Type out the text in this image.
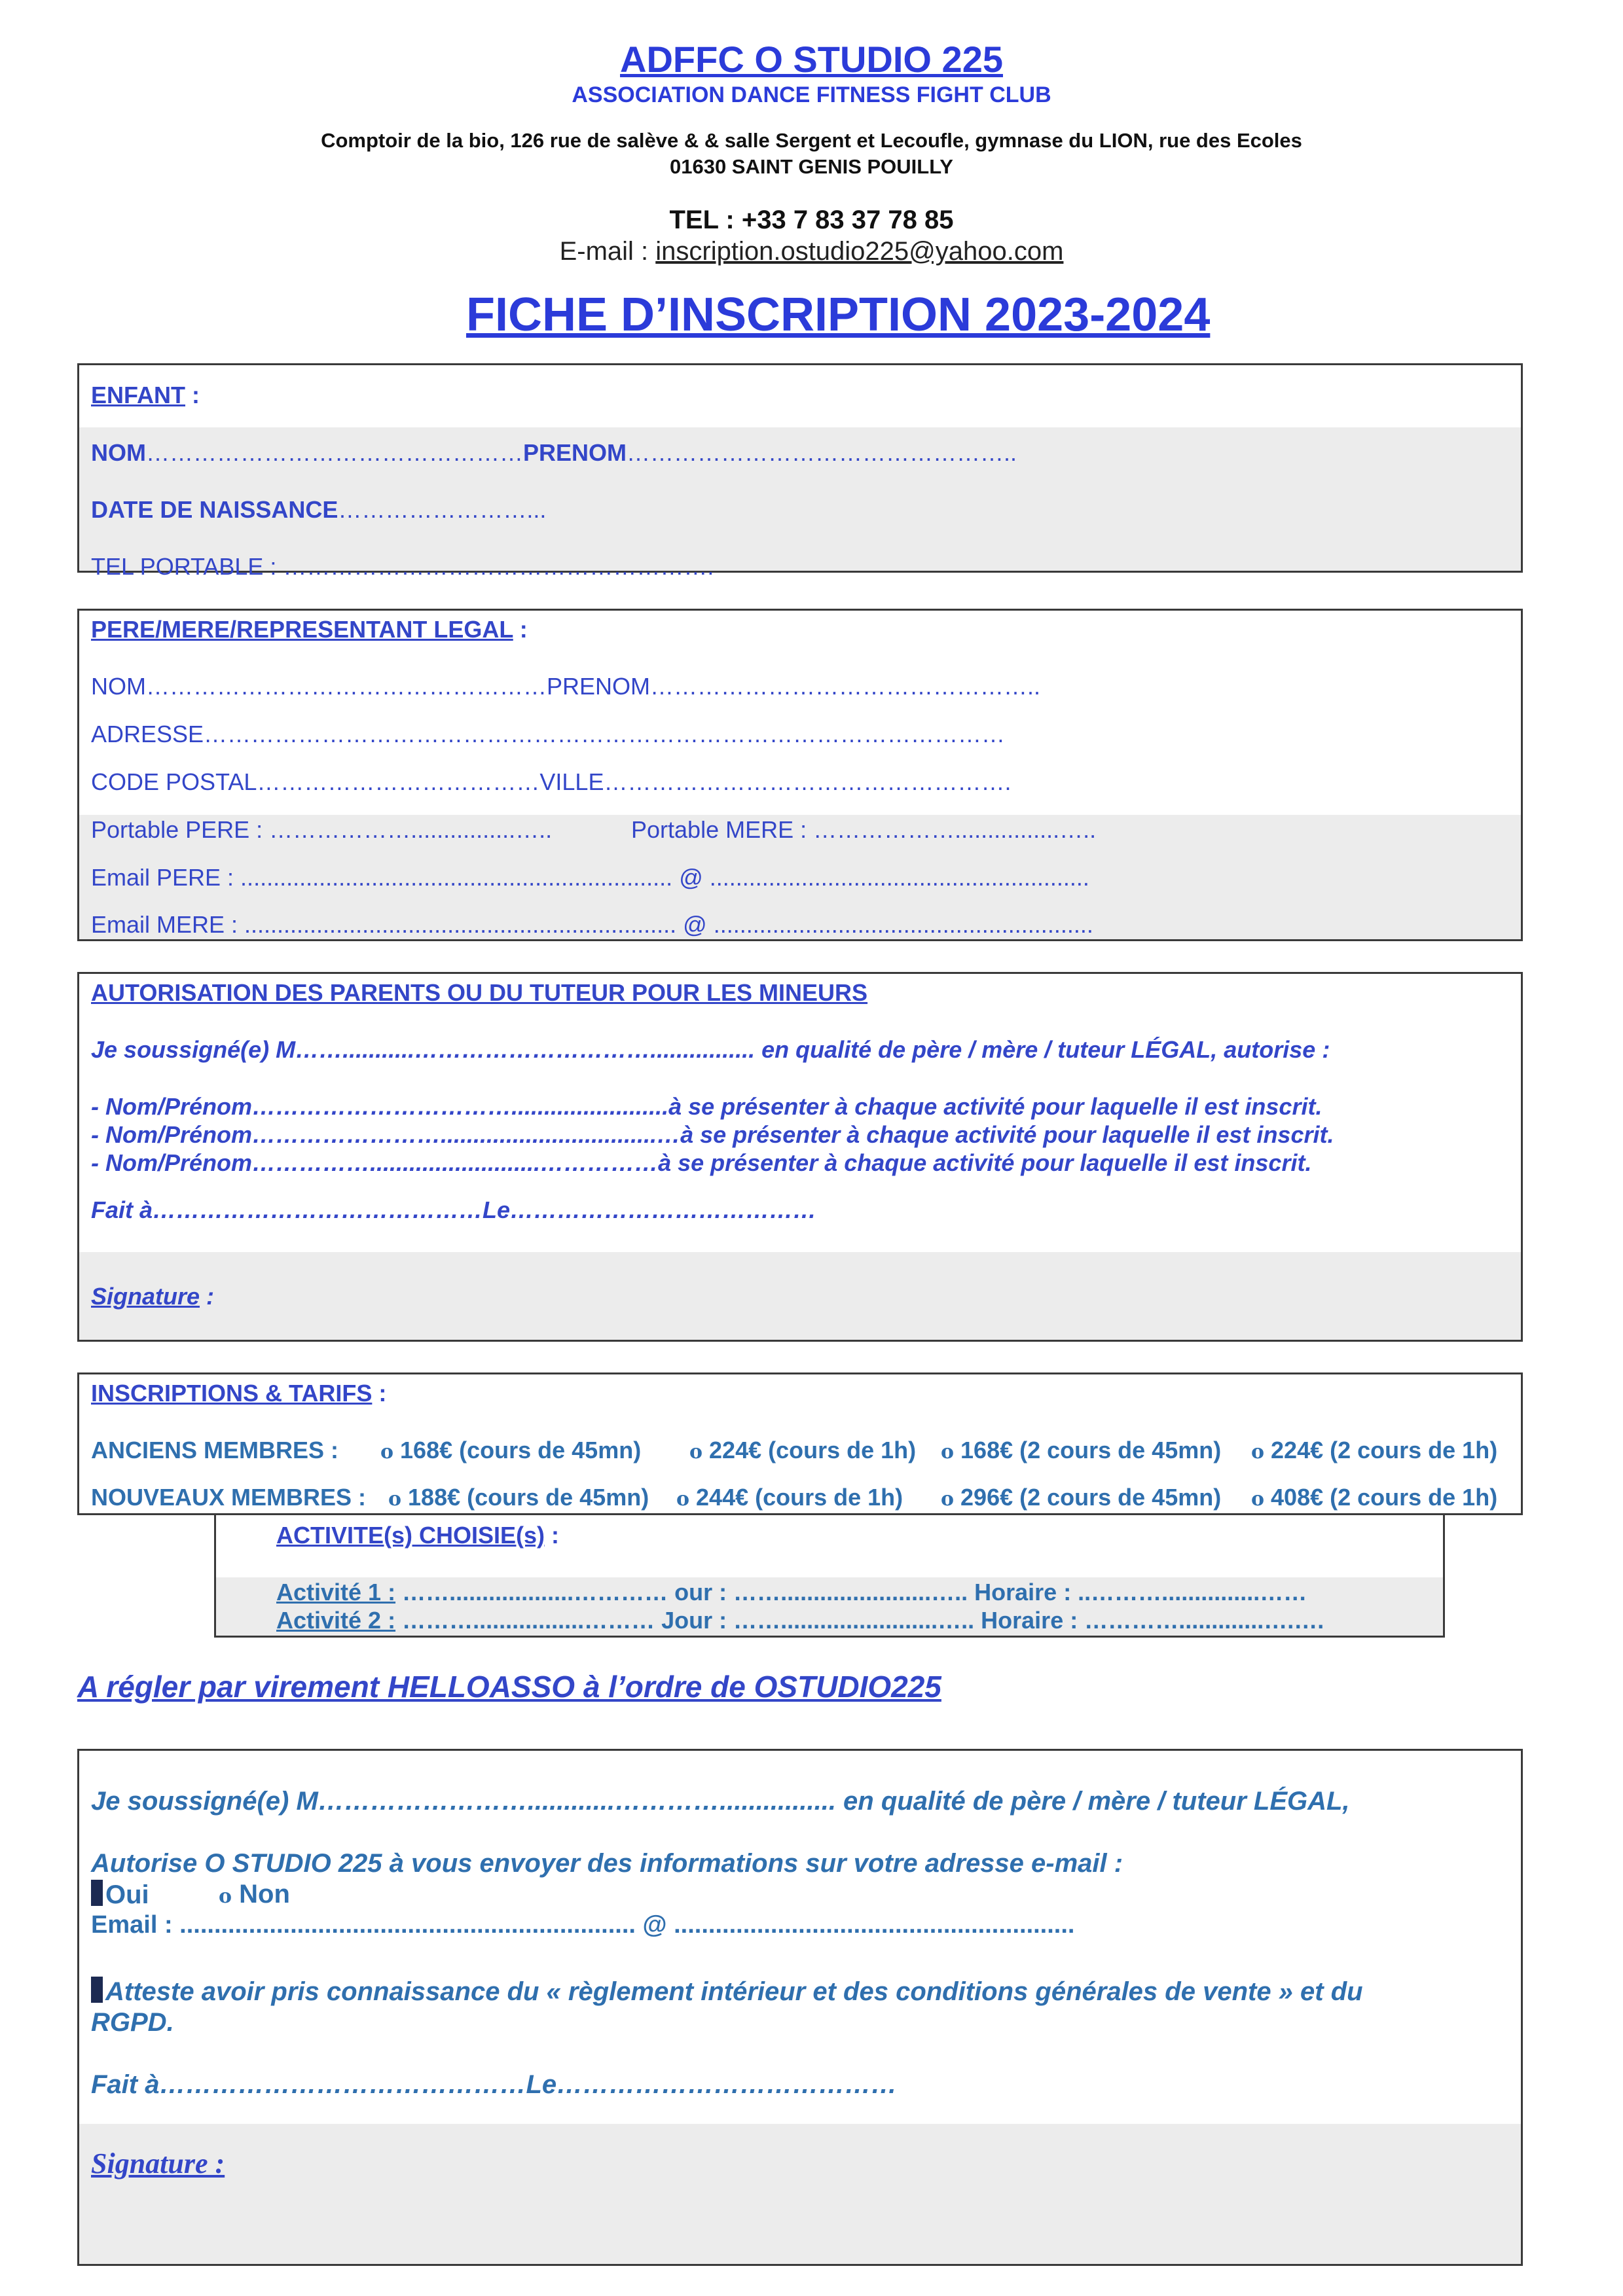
ADFFC O STUDIO 225
ASSOCIATION DANCE FITNESS FIGHT CLUB
Comptoir de la bio, 126 rue de salève & & salle Sergent et Lecoufle, gymnase du LION, rue des Ecoles
01630 SAINT GENIS POUILLY
TEL : +33 7 83 37 78 85
E-mail : inscription.ostudio225@yahoo.com
FICHE D’INSCRIPTION 2023-2024
ENFANT :
NOM…………………………………………PRENOM…………………………………………..
DATE DE NAISSANCE……………………...
TEL PORTABLE : ……………………………………………….
PERE/MERE/REPRESENTANT LEGAL :
NOM……………………………………………PRENOM…………………………………………..
ADRESSE…………………………………………………………………………………………
CODE POSTAL………………………………VILLE…………………………………………….
Portable PERE : ………………................…..	Portable MERE : ………………................…..
Email PERE : .................................................................. @ ..........................................................
Email MERE : .................................................................. @ ..........................................................
AUTORISATION DES PARENTS OU DU TUTEUR POUR LES MINEURS
Je soussigné(e) M……...........…………………………................ en qualité de père / mère / tuteur LÉGAL, autorise :
- Nom/Prénom……………………………........................à se présenter à chaque activité pour laquelle il est inscrit.
- Nom/Prénom…………………….................................…à se présenter à chaque activité pour laquelle il est inscrit.
- Nom/Prénom……………..........................……………à se présenter à chaque activité pour laquelle il est inscrit.
Fait à……………………………………Le…………………………………
Signature :
INSCRIPTIONS & TARIFS :
ANCIENS MEMBRES : o 168€ (cours de 45mn) o 224€ (cours de 1h) o 168€ (2 cours de 45mn) o 224€ (2 cours de 1h)
NOUVEAUX MEMBRES : o 188€ (cours de 45mn) o 244€ (cours de 1h) o 296€ (2 cours de 45mn) o 408€ (2 cours de 1h)
ACTIVITE(s) CHOISIE(s) :
Activité 1 : ……...................………… our : …….......................….. Horaire : ..………...............……
Activité 2 : ……….................……… Jour : ……........................….. Horaire : ………….............….….
A régler par virement HELLOASSO à l’ordre de OSTUDIO225
Je soussigné(e) M……………………............…………................ en qualité de père / mère / tuteur LÉGAL,
Autorise O STUDIO 225 à vous envoyer des informations sur votre adresse e-mail :
Oui	o Non
Email : .................................................................. @ ..........................................................
Atteste avoir pris connaissance du « règlement intérieur et des conditions générales de vente » et du
RGPD.
Fait à……………………………………Le…………………………………
Signature :
